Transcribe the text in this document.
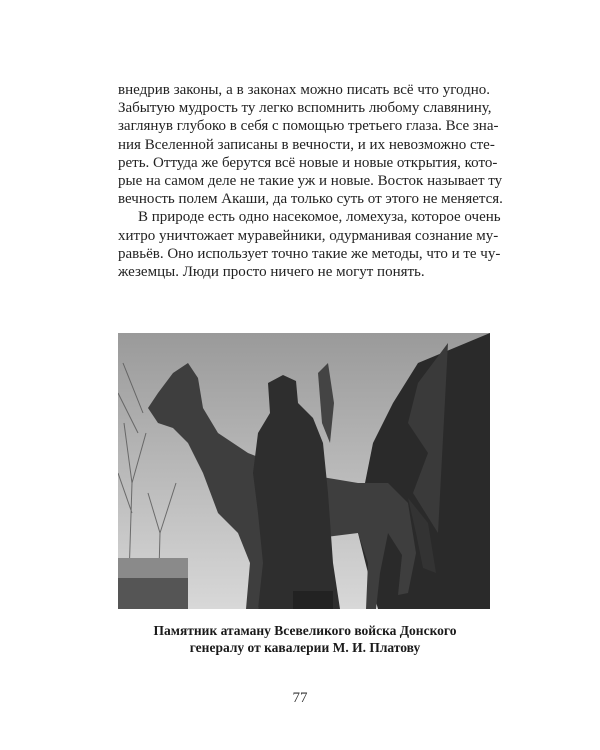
внедрив законы, а в законах можно писать всё что угодно.
Забытую мудрость ту легко вспомнить любому славянину,
заглянув глубоко в себя с помощью третьего глаза. Все зна-
ния Вселенной записаны в вечности, и их невозможно сте-
реть. Оттуда же берутся всё новые и новые открытия, кото-
рые на самом деле не такие уж и новые. Восток называет ту
вечность полем Акаши, да только суть от этого не меняется.
В природе есть одно насекомое, ломехуза, которое очень
хитро уничтожает муравейники, одурманивая сознание му-
равьёв. Оно использует точно такие же методы, что и те чу-
жеземцы. Люди просто ничего не могут понять.
Памятник атаману Всевеликого войска Донского
генералу от кавалерии М. И. Платову
77
